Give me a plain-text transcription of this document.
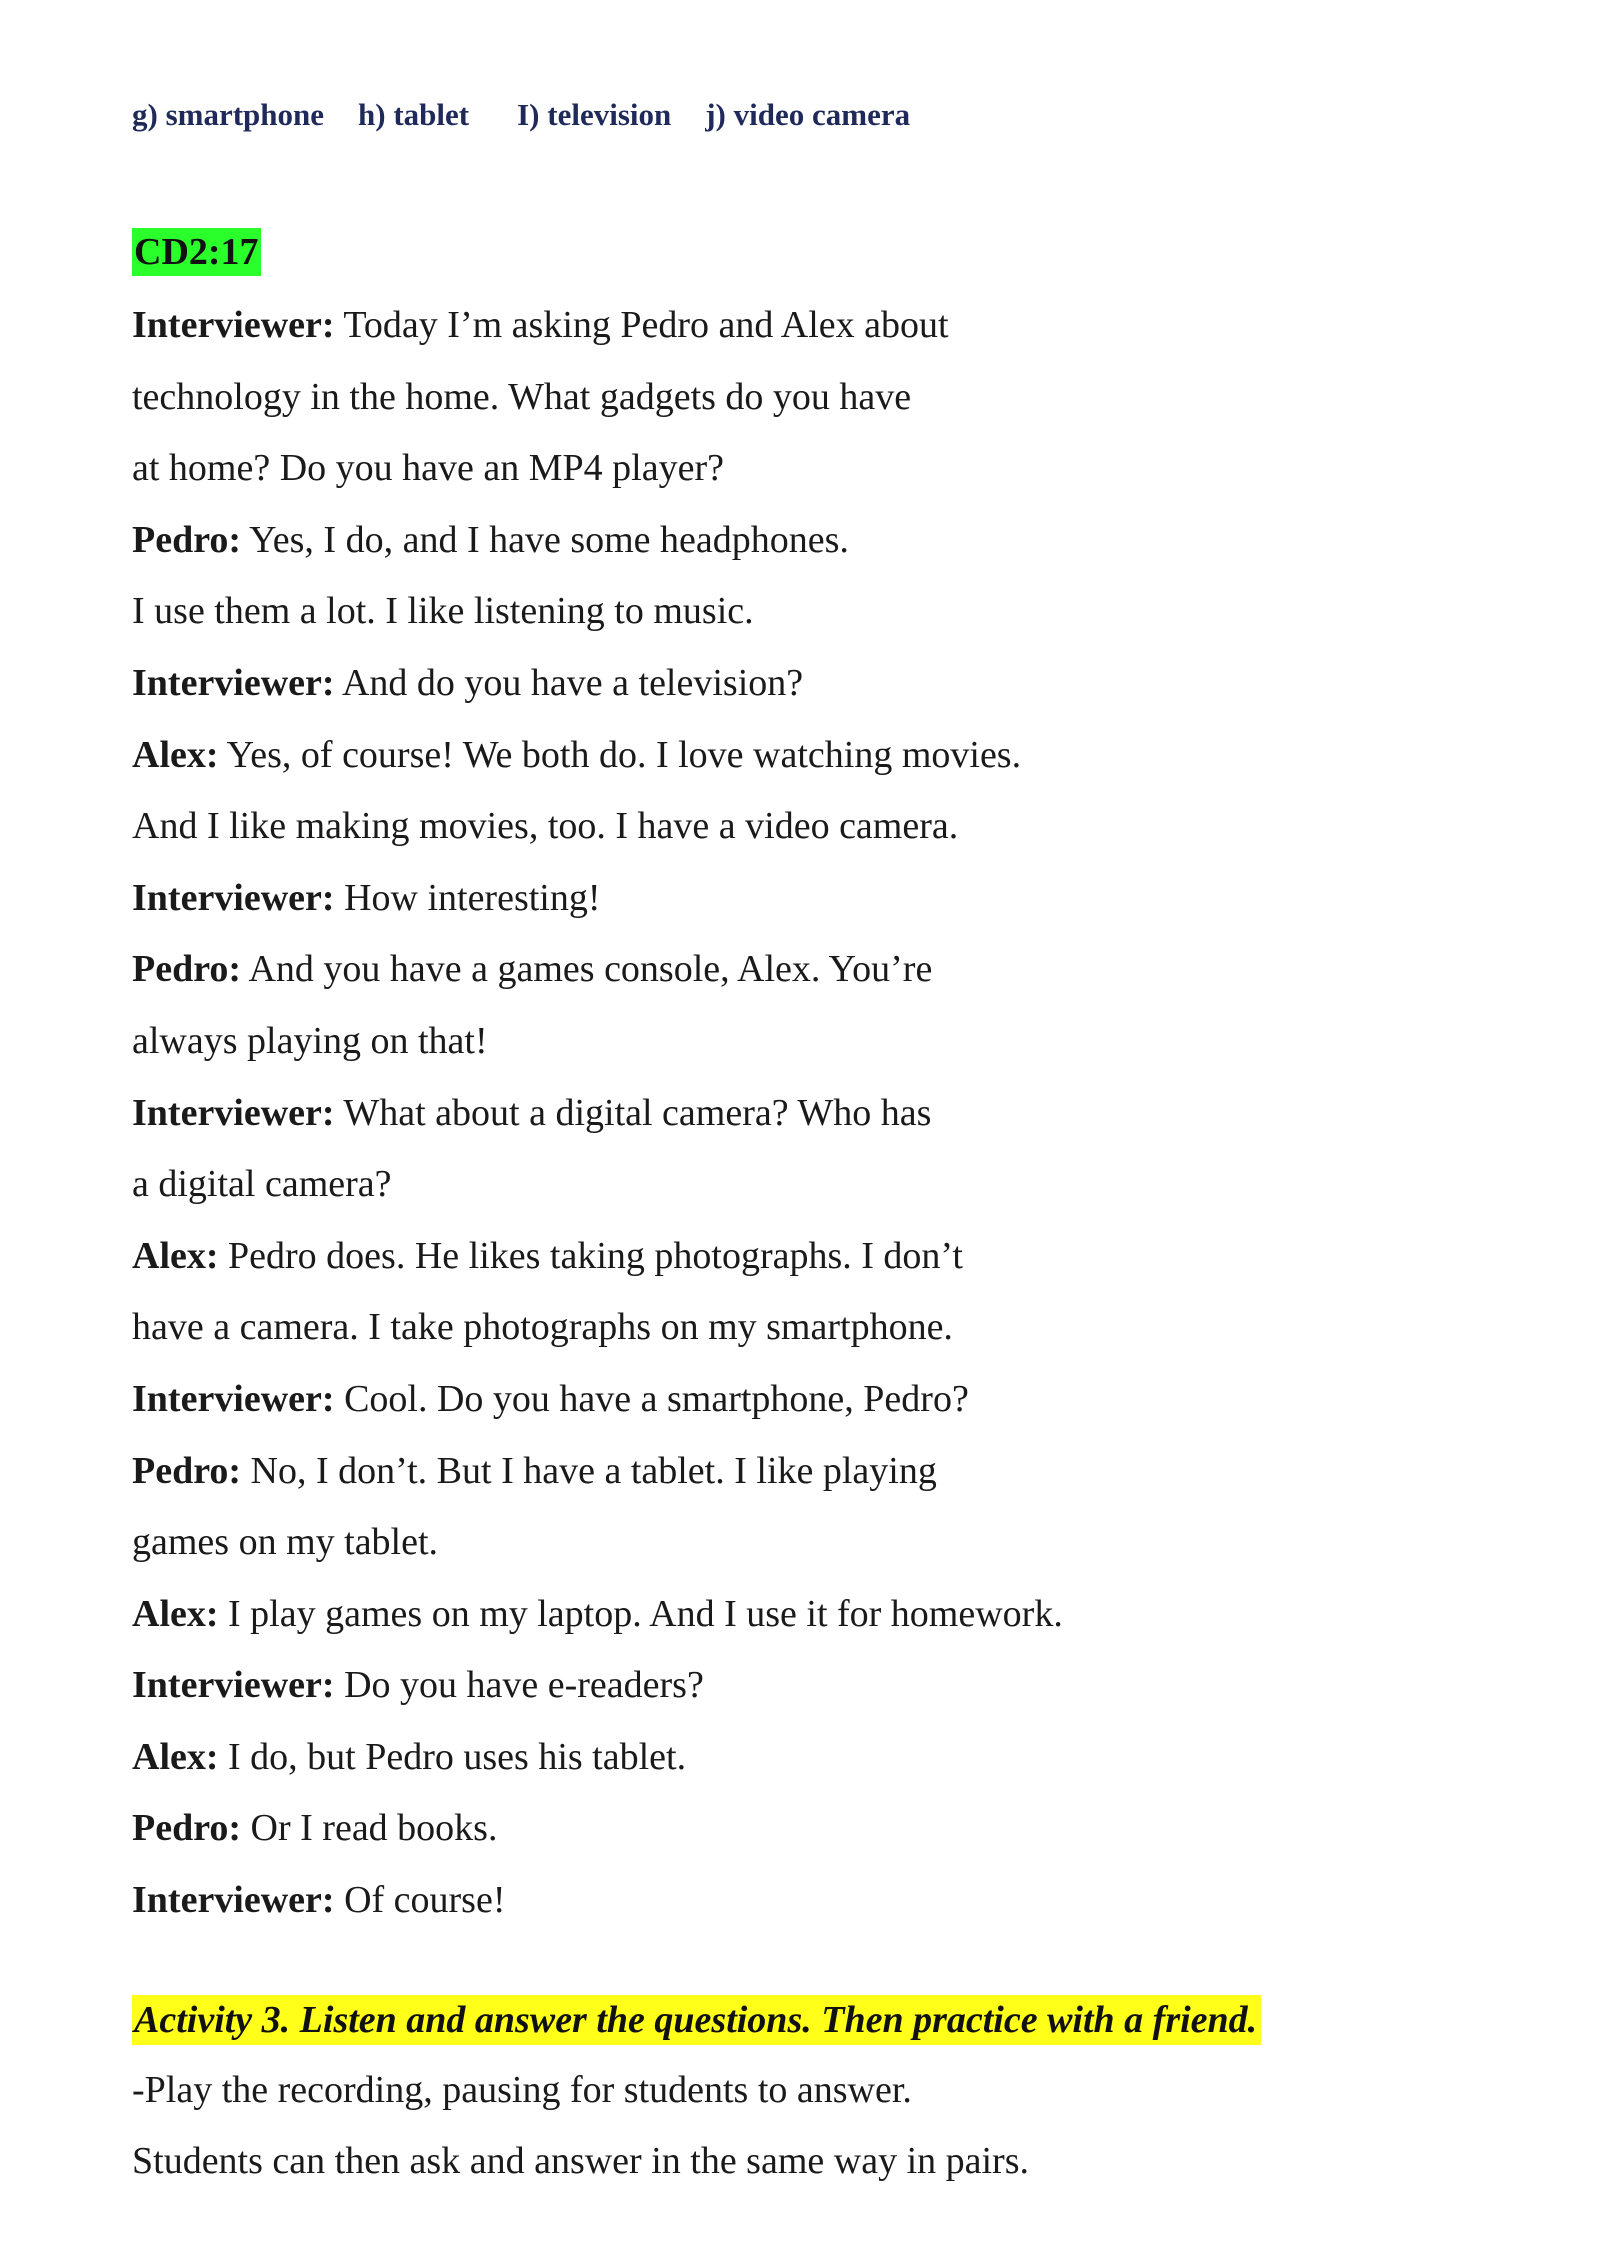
g) smartphone h) tablet I) television j) video camera
CD2:17
Interviewer: Today I’m asking Pedro and Alex about
technology in the home. What gadgets do you have
at home? Do you have an MP4 player?
Pedro: Yes, I do, and I have some headphones.
I use them a lot. I like listening to music.
Interviewer: And do you have a television?
Alex: Yes, of course! We both do. I love watching movies.
And I like making movies, too. I have a video camera.
Interviewer: How interesting!
Pedro: And you have a games console, Alex. You’re
always playing on that!
Interviewer: What about a digital camera? Who has
a digital camera?
Alex: Pedro does. He likes taking photographs. I don’t
have a camera. I take photographs on my smartphone.
Interviewer: Cool. Do you have a smartphone, Pedro?
Pedro: No, I don’t. But I have a tablet. I like playing
games on my tablet.
Alex: I play games on my laptop. And I use it for homework.
Interviewer: Do you have e-readers?
Alex: I do, but Pedro uses his tablet.
Pedro: Or I read books.
Interviewer: Of course!
Activity 3. Listen and answer the questions. Then practice with a friend.
-Play the recording, pausing for students to answer.
Students can then ask and answer in the same way in pairs.
